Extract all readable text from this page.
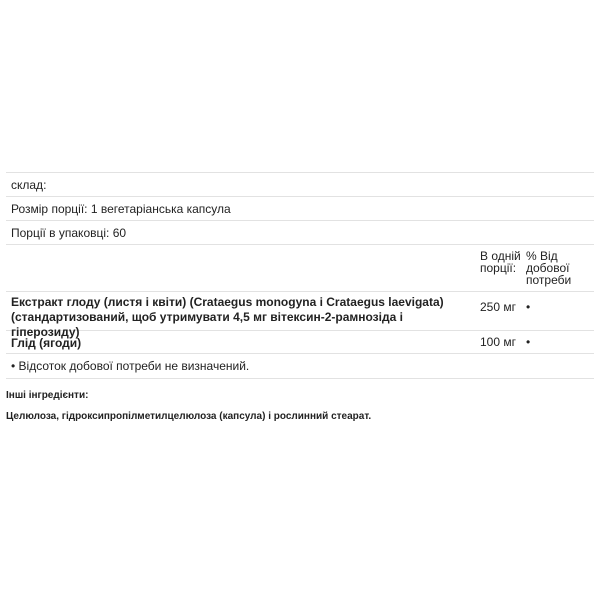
склад:
Розмір порції: 1 вегетаріанська капсула
Порції в упаковці: 60
В одній порції:
% Від добової потреби
Екстракт глоду (листя і квіти) (Crataegus monogyna і Crataegus laevigata) (стандартизований, щоб утримувати 4,5 мг вітексин-2-рамнозіда і гіперозиду)
250 мг •
Глід (ягоди)	100 мг •
• Відсоток добової потреби не визначений.
Інші інгредієнти:
Целюлоза, гідроксипропілметилцелюлоза (капсула) і рослинний стеарат.
